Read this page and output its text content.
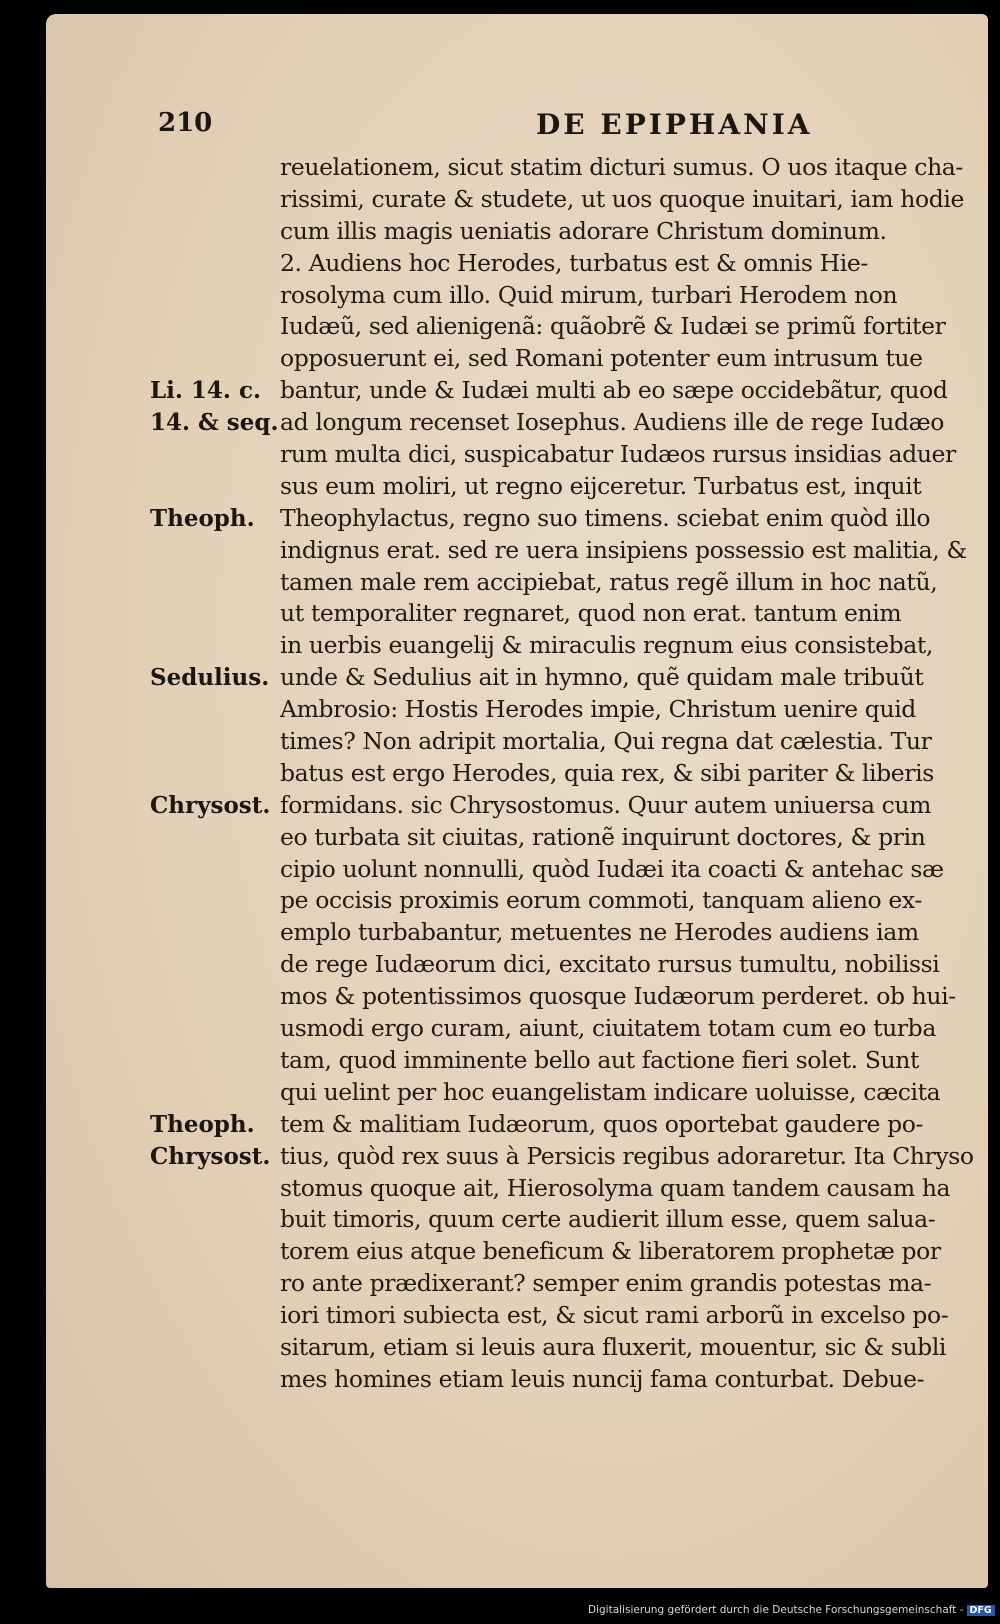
210	DE EPIPHANIA
reuelationem, sicut statim dicturi sumus. O uos itaque cha-
rissimi, curate & studete, ut uos quoque inuitari, iam hodie
cum illis magis ueniatis adorare Christum dominum.
2. Audiens hoc Herodes, turbatus est & omnis Hie-
rosolyma cum illo. Quid mirum, turbari Herodem non
Iudæũ, sed alienigenã: quãobrẽ & Iudæi se primũ fortiter
opposuerunt ei, sed Romani potenter eum intrusum tue
bantur, unde & Iudæi multi ab eo sæpe occidebãtur, quod
ad longum recenset Iosephus. Audiens ille de rege Iudæo
rum multa dici, suspicabatur Iudæos rursus insidias aduer
sus eum moliri, ut regno eijceretur. Turbatus est, inquit
Theophylactus, regno suo timens. sciebat enim quòd illo
indignus erat. sed re uera insipiens possessio est malitia, &
tamen male rem accipiebat, ratus regẽ illum in hoc natũ,
ut temporaliter regnaret, quod non erat. tantum enim
in uerbis euangelij & miraculis regnum eius consistebat,
unde & Sedulius ait in hymno, quẽ quidam male tribuũt
Ambrosio: Hostis Herodes impie, Christum uenire quid
times? Non adripit mortalia, Qui regna dat cælestia. Tur
batus est ergo Herodes, quia rex, & sibi pariter & liberis
formidans. sic Chrysostomus. Quur autem uniuersa cum
eo turbata sit ciuitas, rationẽ inquirunt doctores, & prin
cipio uolunt nonnulli, quòd Iudæi ita coacti & antehac sæ
pe occisis proximis eorum commoti, tanquam alieno ex-
emplo turbabantur, metuentes ne Herodes audiens iam
de rege Iudæorum dici, excitato rursus tumultu, nobilissi
mos & potentissimos quosque Iudæorum perderet. ob hui-
usmodi ergo curam, aiunt, ciuitatem totam cum eo turba
tam, quod imminente bello aut factione fieri solet. Sunt
qui uelint per hoc euangelistam indicare uoluisse, cæcita
tem & malitiam Iudæorum, quos oportebat gaudere po-
tius, quòd rex suus à Persicis regibus adoraretur. Ita Chryso
stomus quoque ait, Hierosolyma quam tandem causam ha
buit timoris, quum certe audierit illum esse, quem salua-
torem eius atque beneficum & liberatorem prophetæ por
ro ante prædixerant? semper enim grandis potestas ma-
iori timori subiecta est, & sicut rami arborũ in excelso po-
sitarum, etiam si leuis aura fluxerit, mouentur, sic & subli
mes homines etiam leuis nuncij fama conturbat. Debue-
Li. 14. c.
14. & seq.
Theoph.
Sedulius.
Chrysost.
Theoph.
Chrysost.
Digitalisierung gefördert durch die Deutsche Forschungsgemeinschaft - DFG
